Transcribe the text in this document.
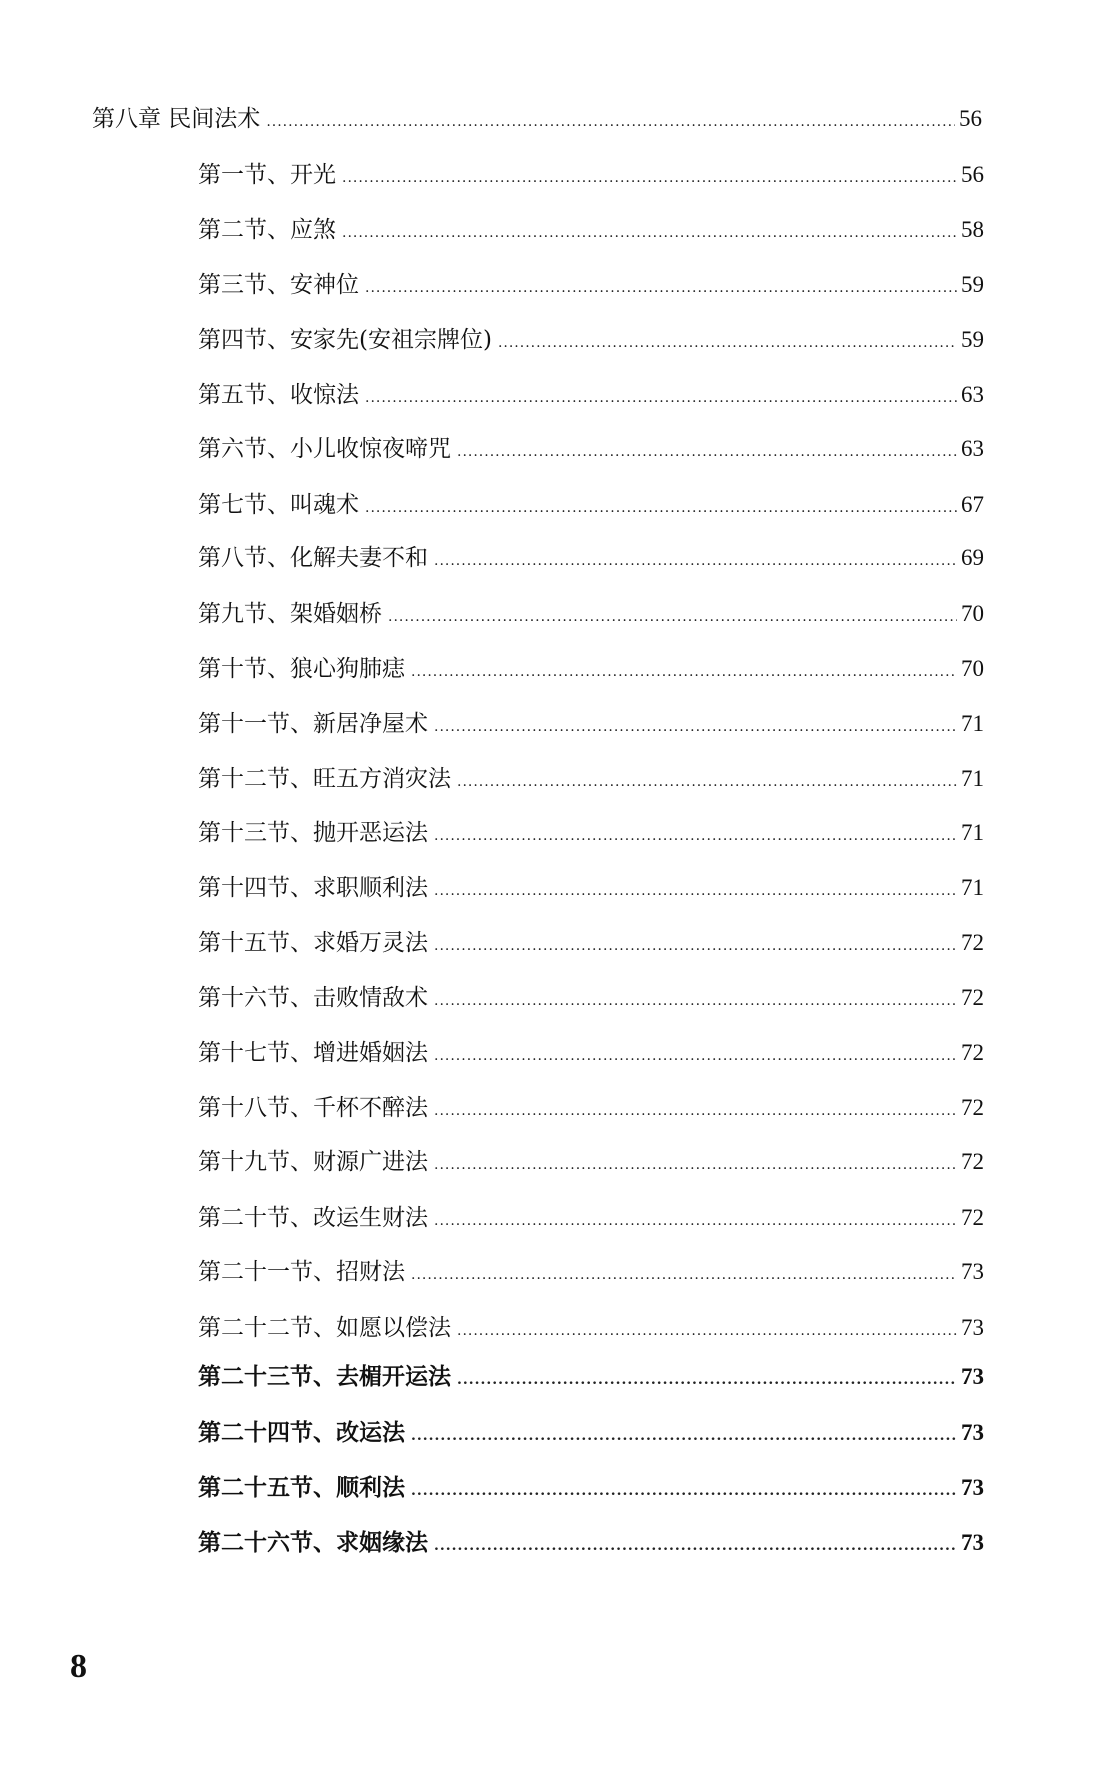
第八章 民间法术 .....	56
第一节、开光 .....	56
第二节、应煞 .....	58
第三节、安神位 .....	59
第四节、安家先(安祖宗牌位) .....	59
第五节、收惊法 .....	63
第六节、小儿收惊夜啼咒 .....	63
第七节、叫魂术 .....	67
第八节、化解夫妻不和 .....	69
第九节、架婚姻桥 .....	70
第十节、狼心狗肺痣 .....	70
第十一节、新居净屋术 .....	71
第十二节、旺五方消灾法 .....	71
第十三节、抛开恶运法 .....	71
第十四节、求职顺利法 .....	71
第十五节、求婚万灵法 .....	72
第十六节、击败情敌术 .....	72
第十七节、增进婚姻法 .....	72
第十八节、千杯不醉法 .....	72
第十九节、财源广进法 .....	72
第二十节、改运生财法 .....	72
第二十一节、招财法 .....	73
第二十二节、如愿以偿法 .....	73
第二十三节、去楣开运法 .....	73
第二十四节、改运法 .....	73
第二十五节、顺利法 .....	73
第二十六节、求姻缘法 .....	73
8
